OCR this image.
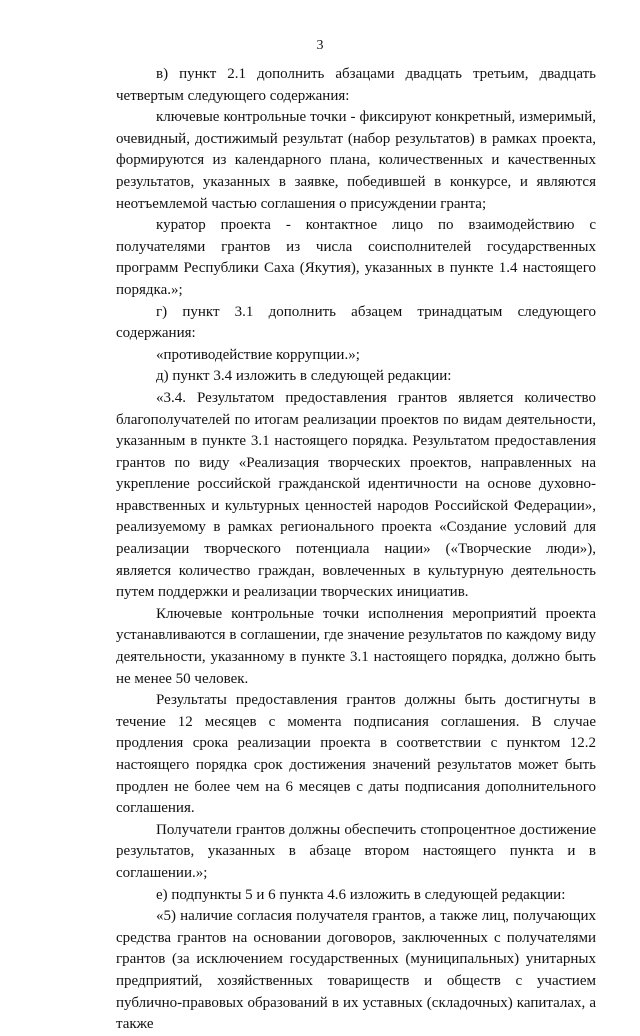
3

в) пункт 2.1 дополнить абзацами двадцать третьим, двадцать четвертым следующего содержания:

ключевые контрольные точки - фиксируют конкретный, измеримый, очевидный, достижимый результат (набор результатов) в рамках проекта, формируются из календарного плана, количественных и качественных результатов, указанных в заявке, победившей в конкурсе, и являются неотъемлемой частью соглашения о присуждении гранта;

куратор проекта - контактное лицо по взаимодействию с получателями грантов из числа соисполнителей государственных программ Республики Саха (Якутия), указанных в пункте 1.4 настоящего порядка.»;

г) пункт 3.1 дополнить абзацем тринадцатым следующего содержания:

«противодействие коррупции.»;

д) пункт 3.4 изложить в следующей редакции:

«3.4. Результатом предоставления грантов является количество благополучателей по итогам реализации проектов по видам деятельности, указанным в пункте 3.1 настоящего порядка. Результатом предоставления грантов по виду «Реализация творческих проектов, направленных на укрепление российской гражданской идентичности на основе духовно-нравственных и культурных ценностей народов Российской Федерации», реализуемому в рамках регионального проекта «Создание условий для реализации творческого потенциала нации» («Творческие люди»), является количество граждан, вовлеченных в культурную деятельность путем поддержки и реализации творческих инициатив.

Ключевые контрольные точки исполнения мероприятий проекта устанавливаются в соглашении, где значение результатов по каждому виду деятельности, указанному в пункте 3.1 настоящего порядка, должно быть не менее 50 человек.

Результаты предоставления грантов должны быть достигнуты в течение 12 месяцев с момента подписания соглашения. В случае продления срока реализации проекта в соответствии с пунктом 12.2 настоящего порядка срок достижения значений результатов может быть продлен не более чем на 6 месяцев с даты подписания дополнительного соглашения.

Получатели грантов должны обеспечить стопроцентное достижение результатов, указанных в абзаце втором настоящего пункта и в соглашении.»;

е) подпункты 5 и 6 пункта 4.6 изложить в следующей редакции:

«5) наличие согласия получателя грантов, а также лиц, получающих средства грантов на основании договоров, заключенных с получателями грантов (за исключением государственных (муниципальных) унитарных предприятий, хозяйственных товариществ и обществ с участием публично-правовых образований в их уставных (складочных) капиталах, а также
